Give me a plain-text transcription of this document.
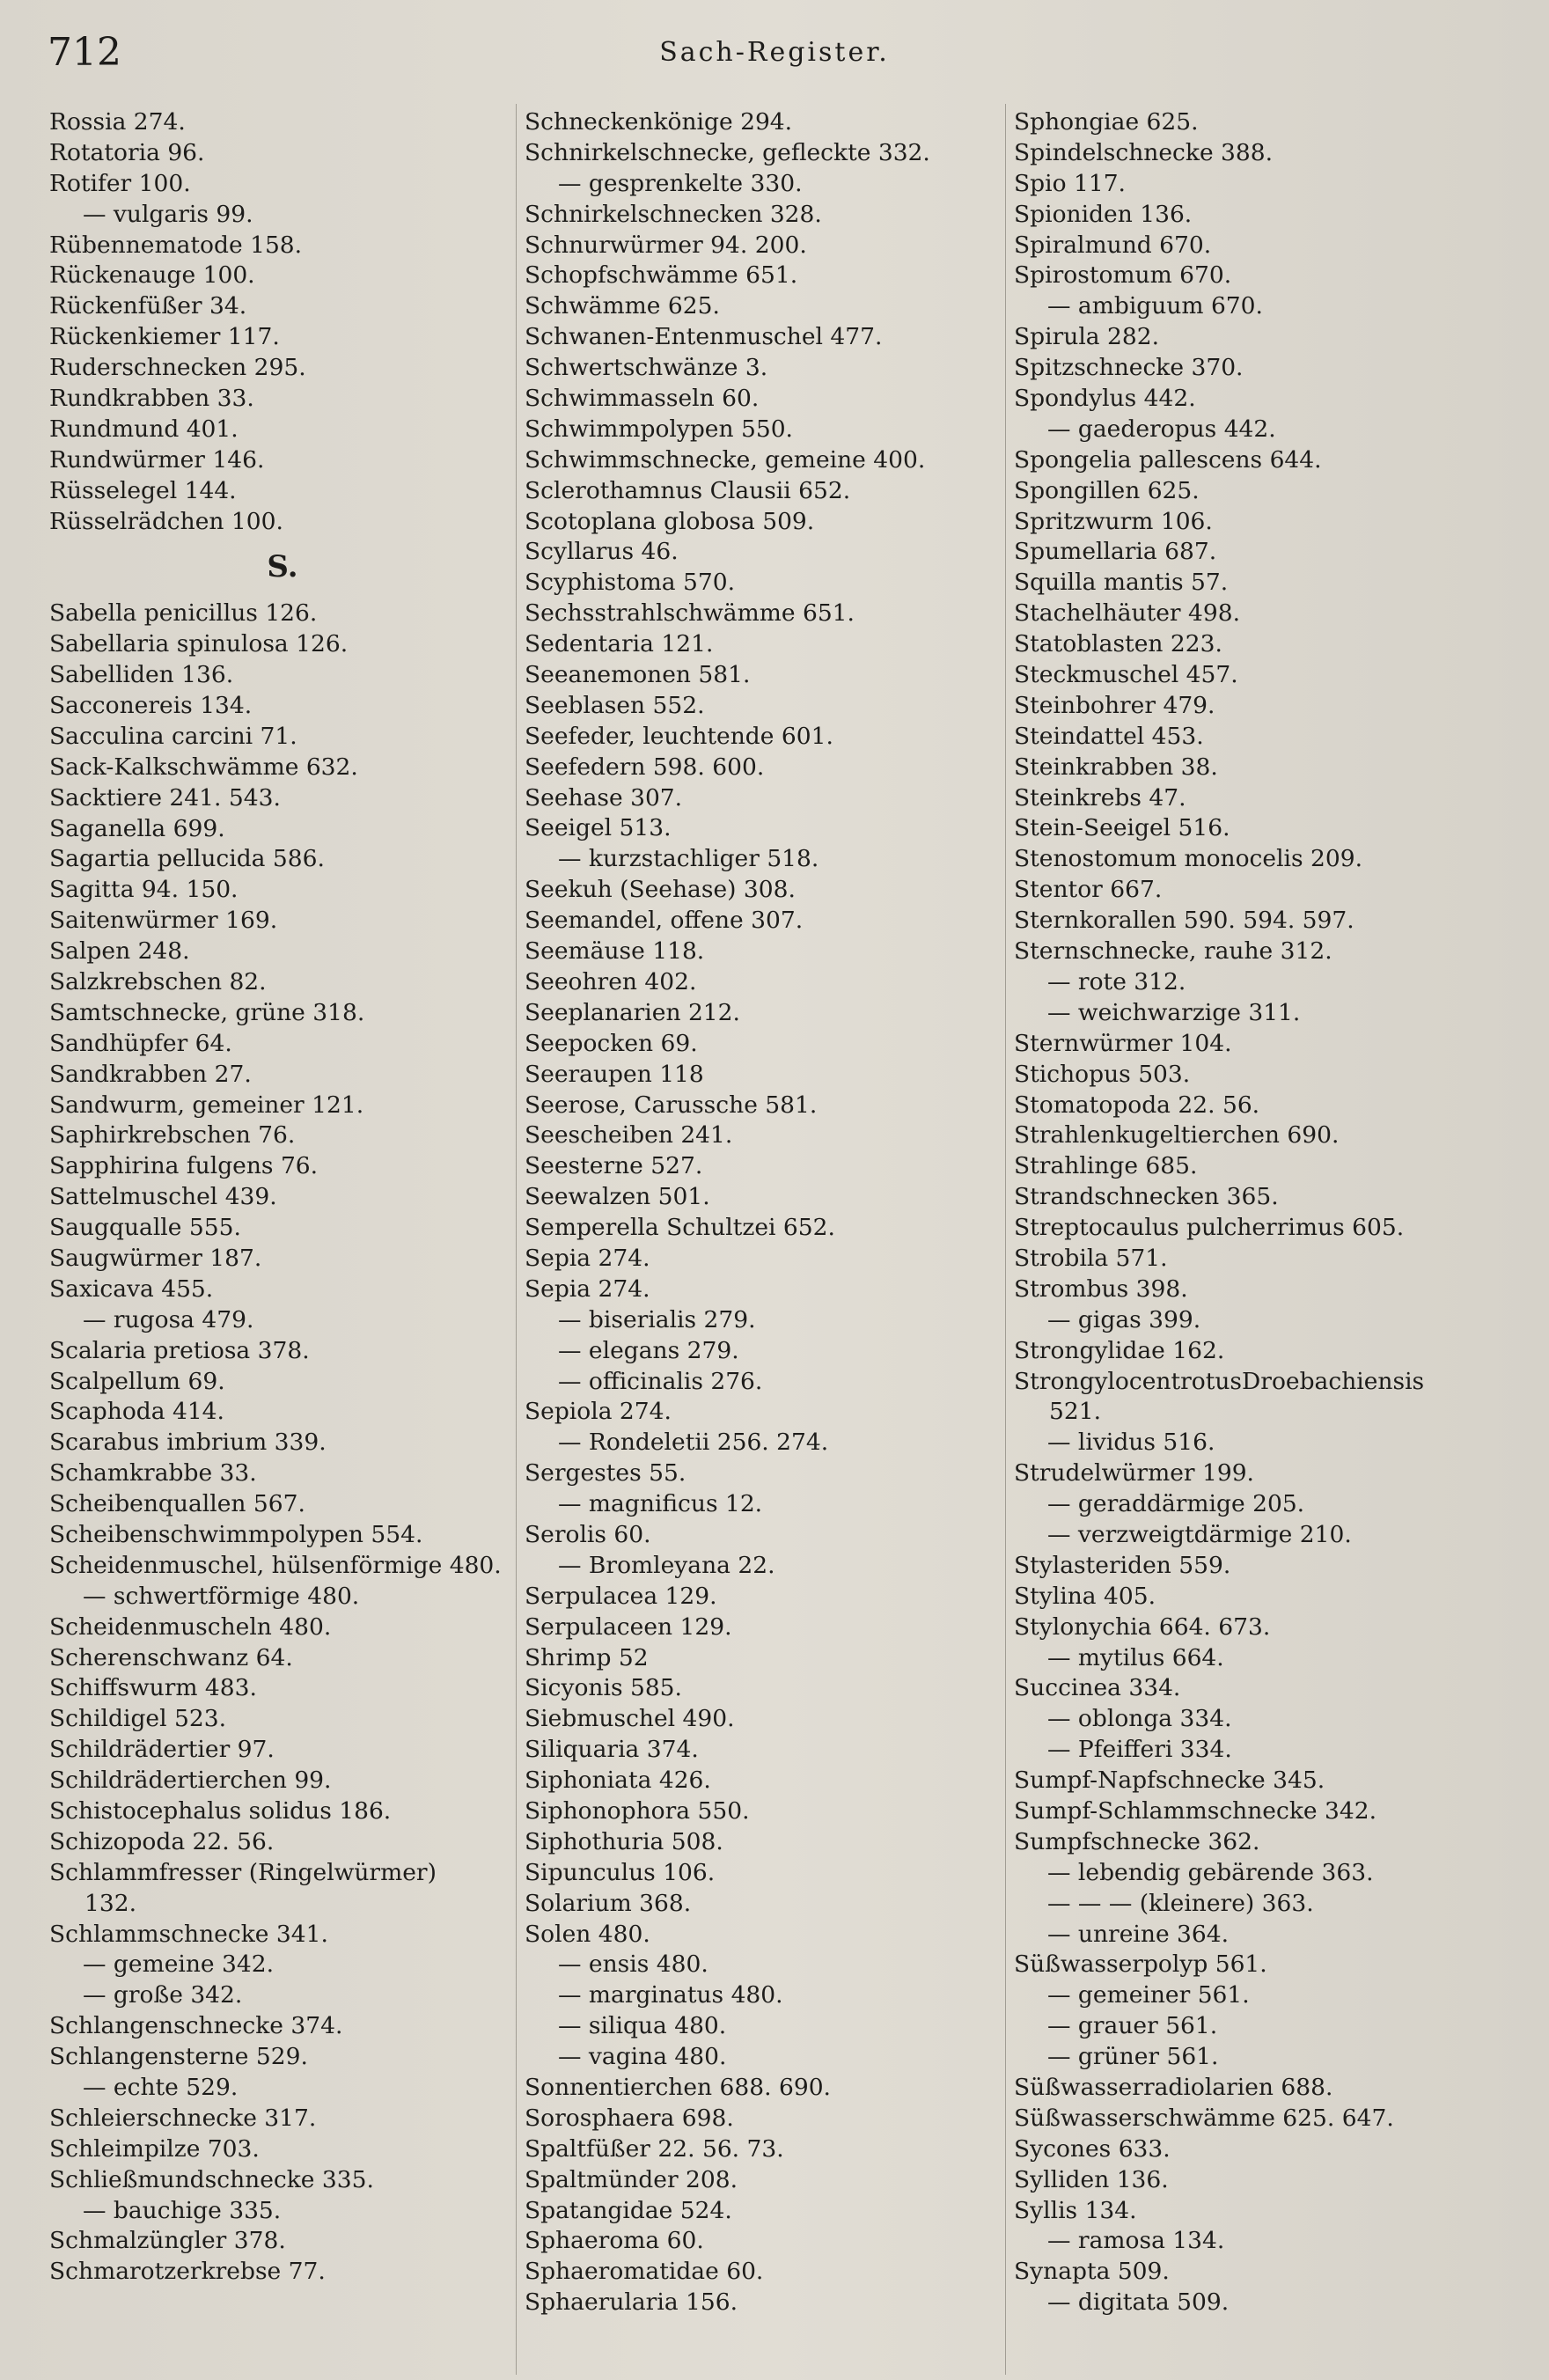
712	Sach-Register.
Rossia 274.
Rotatoria 96.
Rotifer 100.
— vulgaris 99.
Rübennematode 158.
Rückenauge 100.
Rückenfüßer 34.
Rückenkiemer 117.
Ruderschnecken 295.
Rundkrabben 33.
Rundmund 401.
Rundwürmer 146.
Rüsselegel 144.
Rüsselrädchen 100.
S.
Sabella penicillus 126.
Sabellaria spinulosa 126.
Sabelliden 136.
Sacconereis 134.
Sacculina carcini 71.
Sack-Kalkschwämme 632.
Sacktiere 241. 543.
Saganella 699.
Sagartia pellucida 586.
Sagitta 94. 150.
Saitenwürmer 169.
Salpen 248.
Salzkrebschen 82.
Samtschnecke, grüne 318.
Sandhüpfer 64.
Sandkrabben 27.
Sandwurm, gemeiner 121.
Saphirkrebschen 76.
Sapphirina fulgens 76.
Sattelmuschel 439.
Saugqualle 555.
Saugwürmer 187.
Saxicava 455.
— rugosa 479.
Scalaria pretiosa 378.
Scalpellum 69.
Scaphoda 414.
Scarabus imbrium 339.
Schamkrabbe 33.
Scheibenquallen 567.
Scheibenschwimmpolypen 554.
Scheidenmuschel, hülsenförmige 480.
— schwertförmige 480.
Scheidenmuscheln 480.
Scherenschwanz 64.
Schiffswurm 483.
Schildigel 523.
Schildrädertier 97.
Schildrädertierchen 99.
Schistocephalus solidus 186.
Schizopoda 22. 56.
Schlammfresser (Ringelwürmer)
132.
Schlammschnecke 341.
— gemeine 342.
— große 342.
Schlangenschnecke 374.
Schlangensterne 529.
— echte 529.
Schleierschnecke 317.
Schleimpilze 703.
Schließmundschnecke 335.
— bauchige 335.
Schmalzüngler 378.
Schmarotzerkrebse 77.
Schneckenkönige 294.
Schnirkelschnecke, gefleckte 332.
— gesprenkelte 330.
Schnirkelschnecken 328.
Schnurwürmer 94. 200.
Schopfschwämme 651.
Schwämme 625.
Schwanen-Entenmuschel 477.
Schwertschwänze 3.
Schwimmasseln 60.
Schwimmpolypen 550.
Schwimmschnecke, gemeine 400.
Sclerothamnus Clausii 652.
Scotoplana globosa 509.
Scyllarus 46.
Scyphistoma 570.
Sechsstrahlschwämme 651.
Sedentaria 121.
Seeanemonen 581.
Seeblasen 552.
Seefeder, leuchtende 601.
Seefedern 598. 600.
Seehase 307.
Seeigel 513.
— kurzstachliger 518.
Seekuh (Seehase) 308.
Seemandel, offene 307.
Seemäuse 118.
Seeohren 402.
Seeplanarien 212.
Seepocken 69.
Seeraupen 118
Seerose, Carussche 581.
Seescheiben 241.
Seesterne 527.
Seewalzen 501.
Semperella Schultzei 652.
Sepia 274.
Sepia 274.
— biserialis 279.
— elegans 279.
— officinalis 276.
Sepiola 274.
— Rondeletii 256. 274.
Sergestes 55.
— magnificus 12.
Serolis 60.
— Bromleyana 22.
Serpulacea 129.
Serpulaceen 129.
Shrimp 52
Sicyonis 585.
Siebmuschel 490.
Siliquaria 374.
Siphoniata 426.
Siphonophora 550.
Siphothuria 508.
Sipunculus 106.
Solarium 368.
Solen 480.
— ensis 480.
— marginatus 480.
— siliqua 480.
— vagina 480.
Sonnentierchen 688. 690.
Sorosphaera 698.
Spaltfüßer 22. 56. 73.
Spaltmünder 208.
Spatangidae 524.
Sphaeroma 60.
Sphaeromatidae 60.
Sphaerularia 156.
Sphongiae 625.
Spindelschnecke 388.
Spio 117.
Spioniden 136.
Spiralmund 670.
Spirostomum 670.
— ambiguum 670.
Spirula 282.
Spitzschnecke 370.
Spondylus 442.
— gaederopus 442.
Spongelia pallescens 644.
Spongillen 625.
Spritzwurm 106.
Spumellaria 687.
Squilla mantis 57.
Stachelhäuter 498.
Statoblasten 223.
Steckmuschel 457.
Steinbohrer 479.
Steindattel 453.
Steinkrabben 38.
Steinkrebs 47.
Stein-Seeigel 516.
Stenostomum monocelis 209.
Stentor 667.
Sternkorallen 590. 594. 597.
Sternschnecke, rauhe 312.
— rote 312.
— weichwarzige 311.
Sternwürmer 104.
Stichopus 503.
Stomatopoda 22. 56.
Strahlenkugeltierchen 690.
Strahlinge 685.
Strandschnecken 365.
Streptocaulus pulcherrimus 605.
Strobila 571.
Strombus 398.
— gigas 399.
Strongylidae 162.
StrongylocentrotusDroebachiensis
521.
— lividus 516.
Strudelwürmer 199.
— geraddärmige 205.
— verzweigtdärmige 210.
Stylasteriden 559.
Stylina 405.
Stylonychia 664. 673.
— mytilus 664.
Succinea 334.
— oblonga 334.
— Pfeifferi 334.
Sumpf-Napfschnecke 345.
Sumpf-Schlammschnecke 342.
Sumpfschnecke 362.
— lebendig gebärende 363.
— — — (kleinere) 363.
— unreine 364.
Süßwasserpolyp 561.
— gemeiner 561.
— grauer 561.
— grüner 561.
Süßwasserradiolarien 688.
Süßwasserschwämme 625. 647.
Sycones 633.
Sylliden 136.
Syllis 134.
— ramosa 134.
Synapta 509.
— digitata 509.
